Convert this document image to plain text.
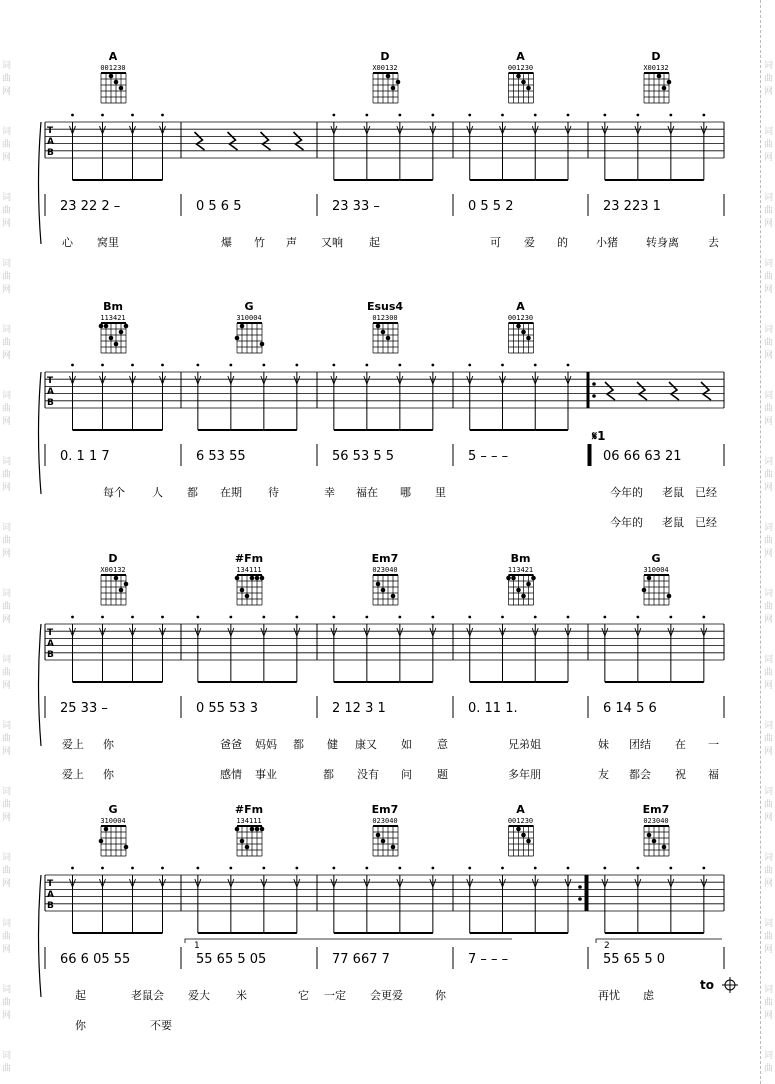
词
曲
网
词
曲
网
词
曲
网
词
曲
网
词
曲
网
词
曲
网
词
曲
网
词
曲
网
词
曲
网
词
曲
网
词
曲
网
词
曲
网
词
曲
网
词
曲
网
词
曲
网
词
曲
词
曲
网
词
曲
网
词
曲
网
词
曲
网
词
曲
网
词
曲
网
词
曲
网
词
曲
网
词
曲
网
词
曲
网
词
曲
网
词
曲
网
词
曲
网
词
曲
网
词
曲
网
词
曲
A
001230
D
X00132
A
001230
D
X00132
T
A
B
23 22 2 –	0 5 6 5	23 33 –	0 5 5 2	23 223 1
心 窝里	爆 竹 声 又响 起	可 爱 的	小猪	转身离	去
Bm
113421
G
310004
Esus4
012300
A
001230
T
A
B
𝄋1
0. 1 1 7	6 53 55	56 53 5 5	5 – – –	06 66 63 21
每个 人 都 在期 待	幸 福在 哪 里	今年的 老鼠 已经
今年的 老鼠 已经
D
X00132
#Fm
134111
Em7
023040
Bm
113421
G
310004
T
A
B
25 33 –	0 55 53 3	2 12 3 1	0. 11 1.	6 14 5 6
爱上 你	爸爸 妈妈 都 健 康又 如 意	兄弟姐	妹 团结 在 一
爱上 你	感情 事业	都 没有 问 题	多年朋	友 都会 祝 福
G
310004
#Fm
134111
Em7
023040
A
001230
Em7
023040
T
A
B
66 6 05 55	55 65 5 05	77 667 7	7 – – –	55 65 5 0
1	2
to
起	老鼠会 爱大 米	它 一定 会更爱	你	再忧 虑
你	不要
